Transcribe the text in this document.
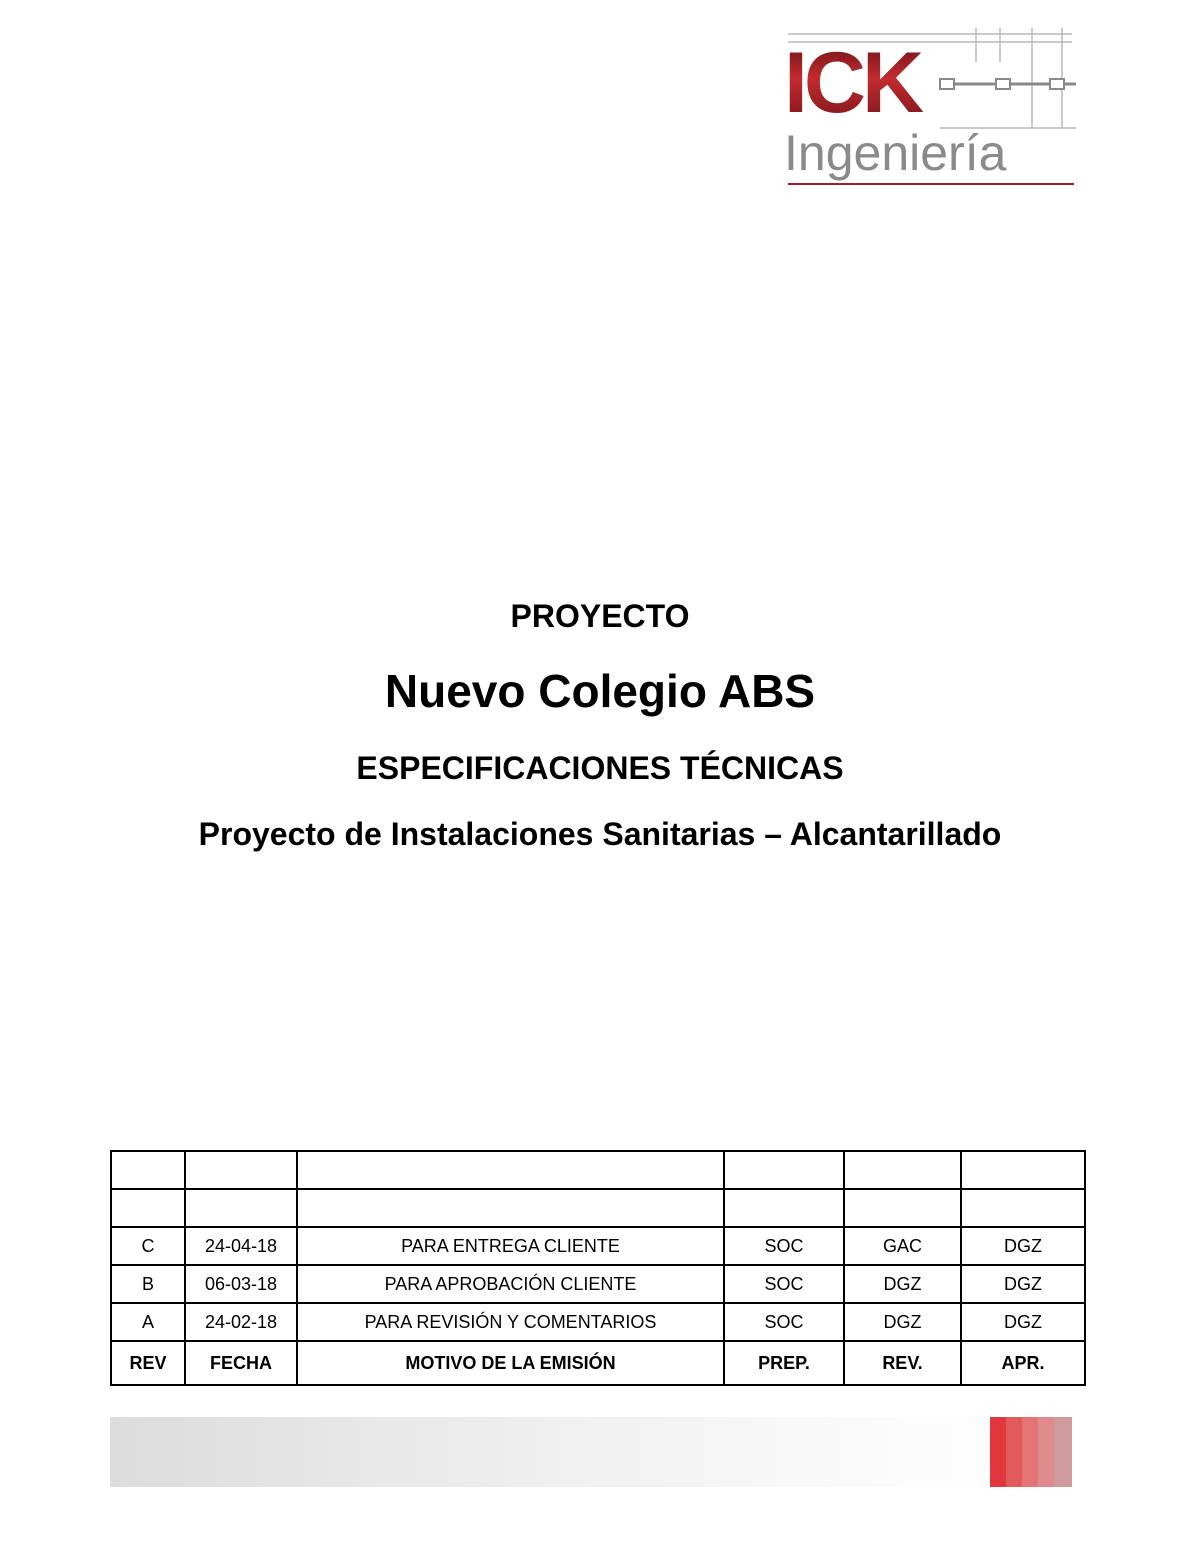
ICK
Ingeniería
PROYECTO
Nuevo Colegio ABS
ESPECIFICACIONES TÉCNICAS
Proyecto de Instalaciones Sanitarias – Alcantarillado

C	24-04-18	PARA ENTREGA CLIENTE	SOC	GAC	DGZ
B	06-03-18	PARA APROBACIÓN CLIENTE	SOC	DGZ	DGZ
A	24-02-18	PARA REVISIÓN Y COMENTARIOS	SOC	DGZ	DGZ
REV	FECHA	MOTIVO DE LA EMISIÓN	PREP.	REV.	APR.
